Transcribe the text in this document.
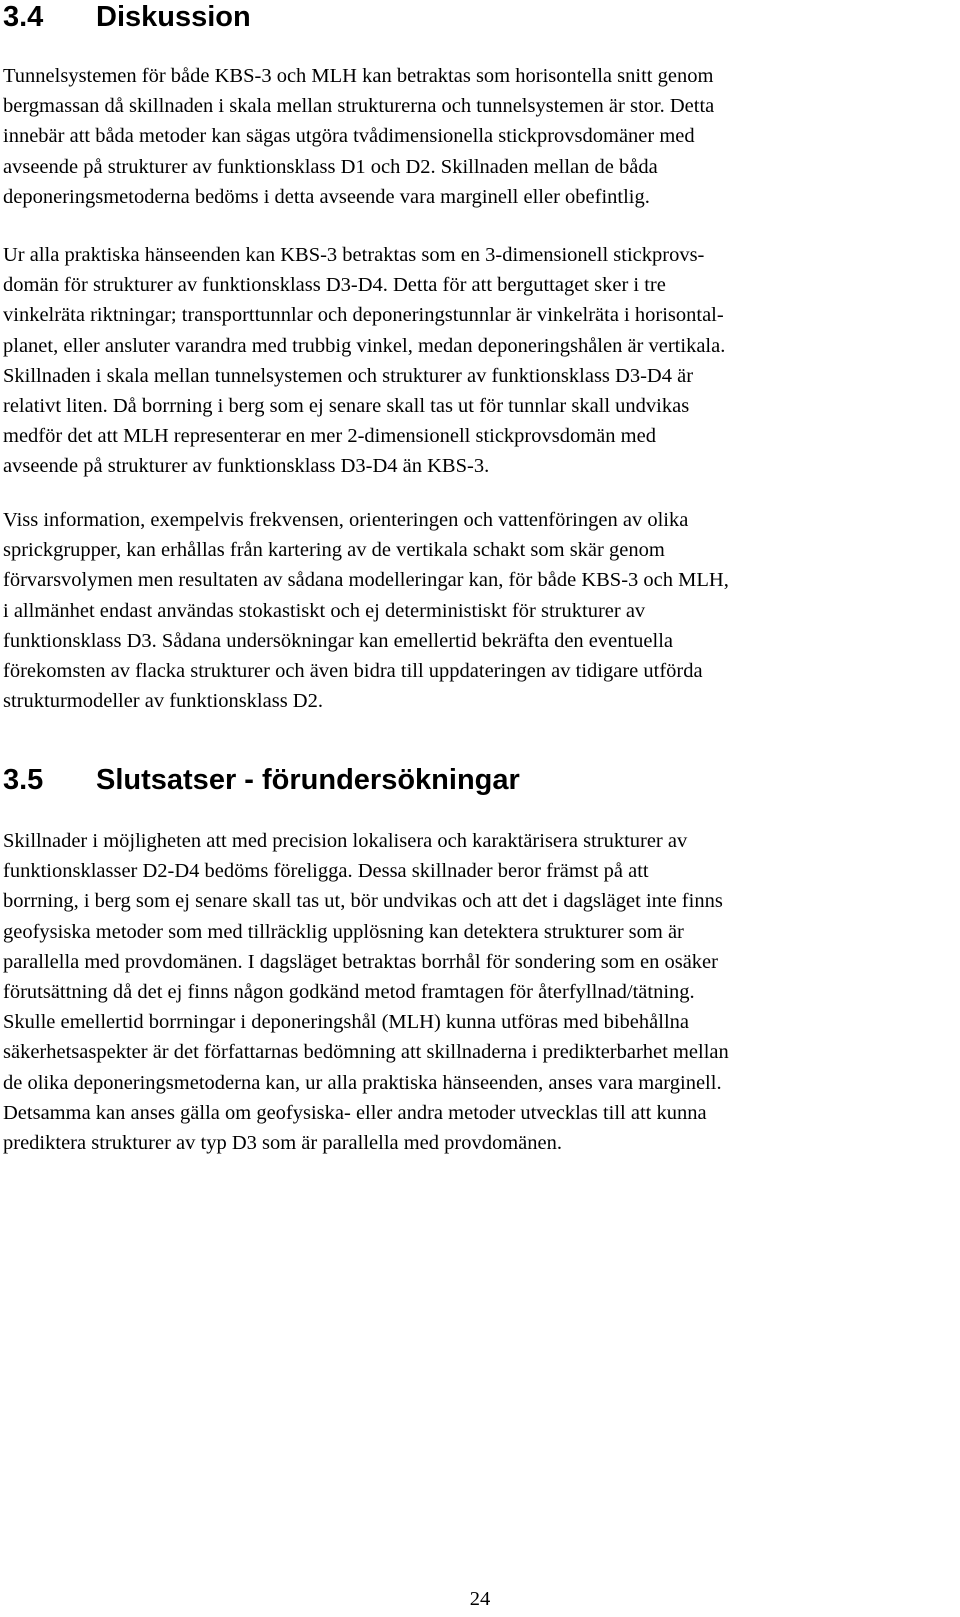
3.4 Diskussion

Tunnelsystemen för både KBS-3 och MLH kan betraktas som horisontella snitt genom
bergmassan då skillnaden i skala mellan strukturerna och tunnelsystemen är stor. Detta
innebär att båda metoder kan sägas utgöra tvådimensionella stickprovsdomäner med
avseende på strukturer av funktionsklass D1 och D2. Skillnaden mellan de båda
deponeringsmetoderna bedöms i detta avseende vara marginell eller obefintlig.

Ur alla praktiska hänseenden kan KBS-3 betraktas som en 3-dimensionell stickprovs-
domän för strukturer av funktionsklass D3-D4. Detta för att berguttaget sker i tre
vinkelräta riktningar; transporttunnlar och deponeringstunnlar är vinkelräta i horisontal-
planet, eller ansluter varandra med trubbig vinkel, medan deponeringshålen är vertikala.
Skillnaden i skala mellan tunnelsystemen och strukturer av funktionsklass D3-D4 är
relativt liten. Då borrning i berg som ej senare skall tas ut för tunnlar skall undvikas
medför det att MLH representerar en mer 2-dimensionell stickprovsdomän med
avseende på strukturer av funktionsklass D3-D4 än KBS-3.

Viss information, exempelvis frekvensen, orienteringen och vattenföringen av olika
sprickgrupper, kan erhållas från kartering av de vertikala schakt som skär genom
förvarsvolymen men resultaten av sådana modelleringar kan, för både KBS-3 och MLH,
i allmänhet endast användas stokastiskt och ej deterministiskt för strukturer av
funktionsklass D3. Sådana undersökningar kan emellertid bekräfta den eventuella
förekomsten av flacka strukturer och även bidra till uppdateringen av tidigare utförda
strukturmodeller av funktionsklass D2.

3.5 Slutsatser - förundersökningar

Skillnader i möjligheten att med precision lokalisera och karaktärisera strukturer av
funktionsklasser D2-D4 bedöms föreligga. Dessa skillnader beror främst på att
borrning, i berg som ej senare skall tas ut, bör undvikas och att det i dagsläget inte finns
geofysiska metoder som med tillräcklig upplösning kan detektera strukturer som är
parallella med provdomänen. I dagsläget betraktas borrhål för sondering som en osäker
förutsättning då det ej finns någon godkänd metod framtagen för återfyllnad/tätning.
Skulle emellertid borrningar i deponeringshål (MLH) kunna utföras med bibehållna
säkerhetsaspekter är det författarnas bedömning att skillnaderna i predikterbarhet mellan
de olika deponeringsmetoderna kan, ur alla praktiska hänseenden, anses vara marginell.
Detsamma kan anses gälla om geofysiska- eller andra metoder utvecklas till att kunna
prediktera strukturer av typ D3 som är parallella med provdomänen.

24
